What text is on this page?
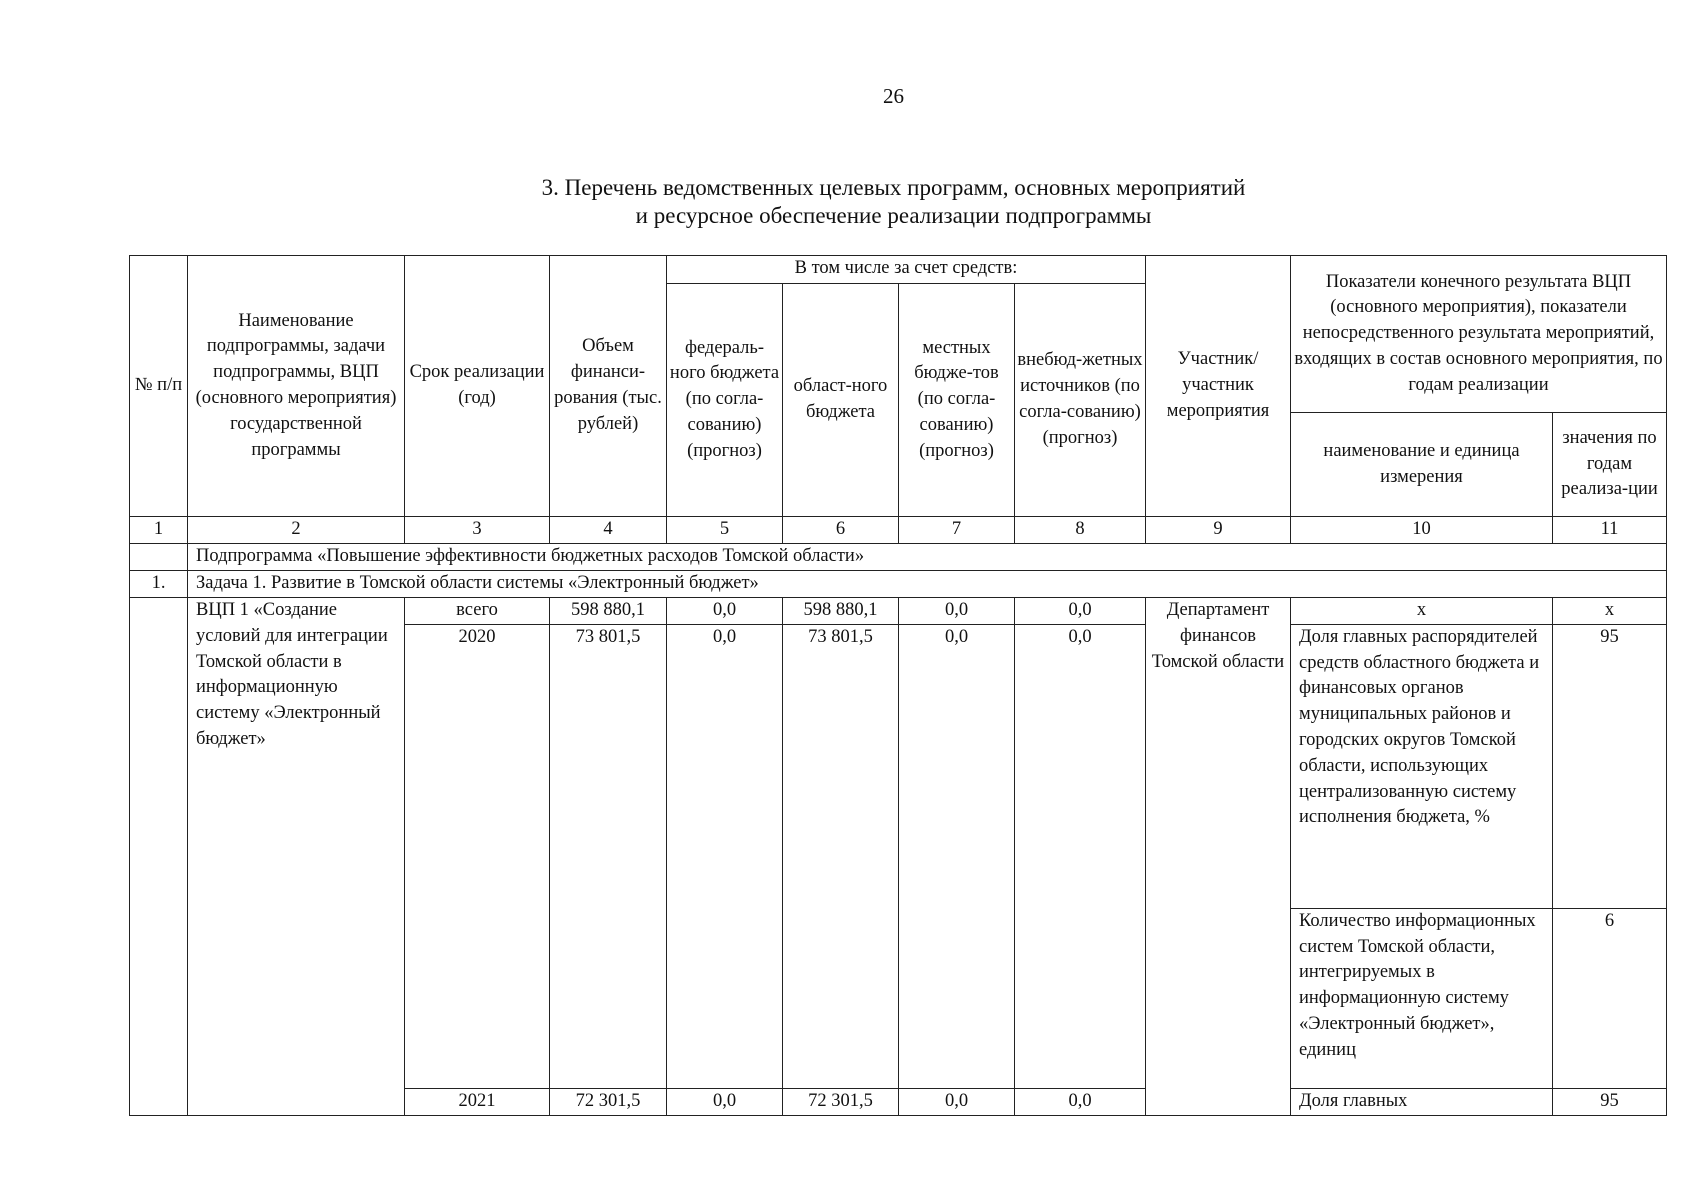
26
3. Перечень ведомственных целевых программ, основных мероприятий
и ресурсное обеспечение реализации подпрограммы
№ п/п	Наименование подпрограммы, задачи подпрограммы, ВЦП (основного мероприятия) государственной программы	Срок реализации (год)	Объем финанси-рования (тыс. рублей)	В том числе за счет средств:				Участник/ участник мероприятия	Показатели конечного результата ВЦП (основного мероприятия), показатели непосредственного результата мероприятий, входящих в состав основного мероприятия, по годам реализации	
				федераль-ного бюджета (по согла-сованию) (прогноз)	област-ного бюджета	местных бюдже-тов (по согла-сованию) (прогноз)	внебюд-жетных источников (по согла-сованию) (прогноз)			
									наименование и единица измерения	значения по годам реализа-ции
1	2	3	4	5	6	7	8	9	10	11
	Подпрограмма «Повышение эффективности бюджетных расходов Томской области»									
1.	Задача 1. Развитие в Томской области системы «Электронный бюджет»									
	ВЦП 1 «Создание условий для интеграции Томской области в информационную систему «Электронный бюджет»	всего	598 880,1	0,0	598 880,1	0,0	0,0	Департамент финансов Томской области	х	х
		2020	73 801,5	0,0	73 801,5	0,0	0,0		Доля главных распорядителей средств областного бюджета и финансовых органов муниципальных районов и городских округов Томской области, использующих централизованную систему исполнения бюджета, %	95
									Количество информационных систем Томской области, интегрируемых в информационную систему «Электронный бюджет», единиц	6
		2021	72 301,5	0,0	72 301,5	0,0	0,0		Доля главных	95
